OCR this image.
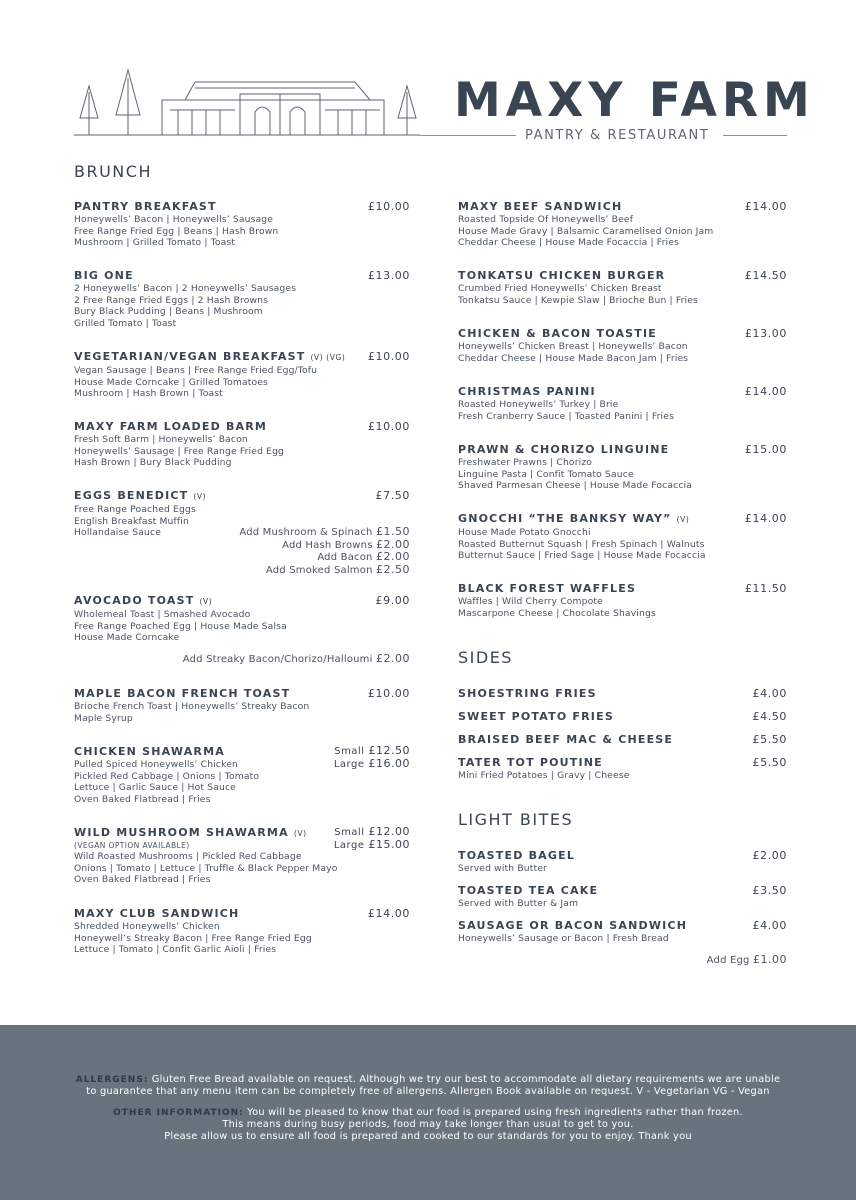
MAXY FARM
PANTRY & RESTAURANT
BRUNCH
PANTRY BREAKFAST	£10.00
Honeywells’ Bacon | Honeywells’ Sausage
Free Range Fried Egg | Beans | Hash Brown
Mushroom | Grilled Tomato | Toast
BIG ONE	£13.00
2 Honeywells’ Bacon | 2 Honeywells’ Sausages
2 Free Range Fried Eggs | 2 Hash Browns
Bury Black Pudding | Beans | Mushroom
Grilled Tomato | Toast
VEGETARIAN/VEGAN BREAKFAST (V) (VG)	£10.00
Vegan Sausage | Beans | Free Range Fried Egg/Tofu
House Made Corncake | Grilled Tomatoes
Mushroom | Hash Brown | Toast
MAXY FARM LOADED BARM	£10.00
Fresh Soft Barm | Honeywells’ Bacon
Honeywells’ Sausage | Free Range Fried Egg
Hash Brown | Bury Black Pudding
EGGS BENEDICT (V)	£7.50
Free Range Poached Eggs
English Breakfast Muffin
Hollandaise Sauce	Add Mushroom & Spinach £1.50
Add Hash Browns £2.00
Add Bacon £2.00
Add Smoked Salmon £2.50
AVOCADO TOAST (V)	£9.00
Wholemeal Toast | Smashed Avocado
Free Range Poached Egg | House Made Salsa
House Made Corncake
Add Streaky Bacon/Chorizo/Halloumi £2.00
MAPLE BACON FRENCH TOAST	£10.00
Brioche French Toast | Honeywells’ Streaky Bacon
Maple Syrup
CHICKEN SHAWARMA	Small £12.50
Large £16.00
Pulled Spiced Honeywells’ Chicken
Pickled Red Cabbage | Onions | Tomato
Lettuce | Garlic Sauce | Hot Sauce
Oven Baked Flatbread | Fries
WILD MUSHROOM SHAWARMA (V)
(VEGAN OPTION AVAILABLE)
Small £12.00
Large £15.00
Wild Roasted Mushrooms | Pickled Red Cabbage
Onions | Tomato | Lettuce | Truffle & Black Pepper Mayo
Oven Baked Flatbread | Fries
MAXY CLUB SANDWICH	£14.00
Shredded Honeywells’ Chicken
Honeywell’s Streaky Bacon | Free Range Fried Egg
Lettuce | Tomato | Confit Garlic Aioli | Fries
MAXY BEEF SANDWICH	£14.00
Roasted Topside Of Honeywells’ Beef
House Made Gravy | Balsamic Caramelised Onion Jam
Cheddar Cheese | House Made Focaccia | Fries
TONKATSU CHICKEN BURGER	£14.50
Crumbed Fried Honeywells’ Chicken Breast
Tonkatsu Sauce | Kewpie Slaw | Brioche Bun | Fries
CHICKEN & BACON TOASTIE	£13.00
Honeywells’ Chicken Breast | Honeywells’ Bacon
Cheddar Cheese | House Made Bacon Jam | Fries
CHRISTMAS PANINI	£14.00
Roasted Honeywells’ Turkey | Brie
Fresh Cranberry Sauce | Toasted Panini | Fries
PRAWN & CHORIZO LINGUINE	£15.00
Freshwater Prawns | Chorizo
Linguine Pasta | Confit Tomato Sauce
Shaved Parmesan Cheese | House Made Focaccia
GNOCCHI “THE BANKSY WAY” (V)	£14.00
House Made Potato Gnocchi
Roasted Butternut Squash | Fresh Spinach | Walnuts
Butternut Sauce | Fried Sage | House Made Focaccia
BLACK FOREST WAFFLES	£11.50
Waffles | Wild Cherry Compote
Mascarpone Cheese | Chocolate Shavings
SIDES
SHOESTRING FRIES	£4.00
SWEET POTATO FRIES	£4.50
BRAISED BEEF MAC & CHEESE	£5.50
TATER TOT POUTINE	£5.50
Mini Fried Potatoes | Gravy | Cheese
LIGHT BITES
TOASTED BAGEL	£2.00
Served with Butter
TOASTED TEA CAKE	£3.50
Served with Butter & Jam
SAUSAGE OR BACON SANDWICH	£4.00
Honeywells’ Sausage or Bacon | Fresh Bread
Add Egg £1.00
ALLERGENS: Gluten Free Bread available on request. Although we try our best to accommodate all dietary requirements we are unable
to guarantee that any menu item can be completely free of allergens. Allergen Book available on request. V - Vegetarian VG - Vegan
OTHER INFORMATION: You will be pleased to know that our food is prepared using fresh ingredients rather than frozen.
This means during busy periods, food may take longer than usual to get to you.
Please allow us to ensure all food is prepared and cooked to our standards for you to enjoy. Thank you
